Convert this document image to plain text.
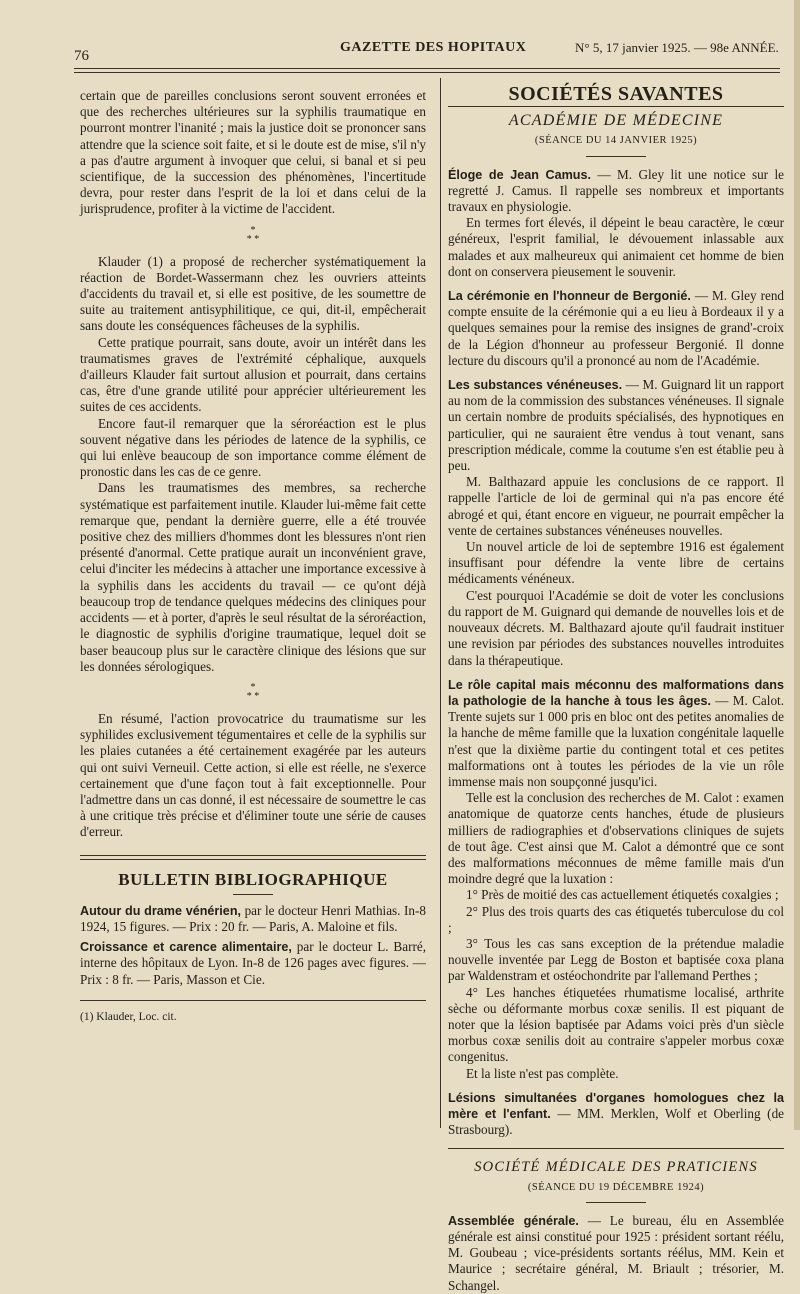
76
GAZETTE DES HOPITAUX	N° 5, 17 janvier 1925. — 98e ANNÉE.

certain que de pareilles conclusions seront souvent erronées et que des recherches ultérieures sur la syphilis traumatique en pourront montrer l'inanité ; mais la justice doit se prononcer sans attendre que la science soit faite, et si le doute est de mise, s'il n'y a pas d'autre argument à invoquer que celui, si banal et si peu scientifique, de la succession des phénomènes, l'incertitude devra, pour rester dans l'esprit de la loi et dans celui de la jurisprudence, profiter à la victime de l'accident.

*
* *

Klauder (1) a proposé de rechercher systématiquement la réaction de Bordet-Wassermann chez les ouvriers atteints d'accidents du travail et, si elle est positive, de les soumettre de suite au traitement antisyphilitique, ce qui, dit-il, empêcherait sans doute les conséquences fâcheuses de la syphilis.

Cette pratique pourrait, sans doute, avoir un intérêt dans les traumatismes graves de l'extrémité céphalique, auxquels d'ailleurs Klauder fait surtout allusion et pourrait, dans certains cas, être d'une grande utilité pour apprécier ultérieurement les suites de ces accidents.

Encore faut-il remarquer que la séroréaction est le plus souvent négative dans les périodes de latence de la syphilis, ce qui lui enlève beaucoup de son importance comme élément de pronostic dans les cas de ce genre.

Dans les traumatismes des membres, sa recherche systématique est parfaitement inutile. Klauder lui-même fait cette remarque que, pendant la dernière guerre, elle a été trouvée positive chez des milliers d'hommes dont les blessures n'ont rien présenté d'anormal. Cette pratique aurait un inconvénient grave, celui d'inciter les médecins à attacher une importance excessive à la syphilis dans les accidents du travail — ce qu'ont déjà beaucoup trop de tendance quelques médecins des cliniques pour accidents — et à porter, d'après le seul résultat de la séroréaction, le diagnostic de syphilis d'origine traumatique, lequel doit se baser beaucoup plus sur le caractère clinique des lésions que sur les données sérologiques.

*
* *

En résumé, l'action provocatrice du traumatisme sur les syphilides exclusivement tégumentaires et celle de la syphilis sur les plaies cutanées a été certainement exagérée par les auteurs qui ont suivi Verneuil. Cette action, si elle est réelle, ne s'exerce certainement que d'une façon tout à fait exceptionnelle. Pour l'admettre dans un cas donné, il est nécessaire de soumettre le cas à une critique très précise et d'éliminer toute une série de causes d'erreur.

BULLETIN BIBLIOGRAPHIQUE

Autour du drame vénérien, par le docteur Henri Mathias. In-8 1924, 15 figures. — Prix : 20 fr. — Paris, A. Maloine et fils.

Croissance et carence alimentaire, par le docteur L. Barré, interne des hôpitaux de Lyon. In-8 de 126 pages avec figures. — Prix : 8 fr. — Paris, Masson et Cie.

(1) Klauder, Loc. cit.

SOCIÉTÉS SAVANTES
ACADÉMIE DE MÉDECINE
(SÉANCE DU 14 JANVIER 1925)

Éloge de Jean Camus. — M. Gley lit une notice sur le regretté J. Camus. Il rappelle ses nombreux et importants travaux en physiologie.

En termes fort élevés, il dépeint le beau caractère, le cœur généreux, l'esprit familial, le dévouement inlassable aux malades et aux malheureux qui animaient cet homme de bien dont on conservera pieusement le souvenir.

La cérémonie en l'honneur de Bergonié. — M. Gley rend compte ensuite de la cérémonie qui a eu lieu à Bordeaux il y a quelques semaines pour la remise des insignes de grand'-croix de la Légion d'honneur au professeur Bergonié. Il donne lecture du discours qu'il a prononcé au nom de l'Académie.

Les substances vénéneuses. — M. Guignard lit un rapport au nom de la commission des substances vénéneuses. Il signale un certain nombre de produits spécialisés, des hypnotiques en particulier, qui ne sauraient être vendus à tout venant, sans prescription médicale, comme la coutume s'en est établie peu à peu.

M. Balthazard appuie les conclusions de ce rapport. Il rappelle l'article de loi de germinal qui n'a pas encore été abrogé et qui, étant encore en vigueur, ne pourrait empêcher la vente de certaines substances vénéneuses nouvelles.

Un nouvel article de loi de septembre 1916 est également insuffisant pour défendre la vente libre de certains médicaments vénéneux.

C'est pourquoi l'Académie se doit de voter les conclusions du rapport de M. Guignard qui demande de nouvelles lois et de nouveaux décrets. M. Balthazard ajoute qu'il faudrait instituer une revision par périodes des substances nouvelles introduites dans la thérapeutique.

Le rôle capital mais méconnu des malformations dans la pathologie de la hanche à tous les âges. — M. Calot. Trente sujets sur 1 000 pris en bloc ont des petites anomalies de la hanche de même famille que la luxation congénitale laquelle n'est que la dixième partie du contingent total et ces petites malformations ont à toutes les périodes de la vie un rôle immense mais non soupçonné jusqu'ici.

Telle est la conclusion des recherches de M. Calot : examen anatomique de quatorze cents hanches, étude de plusieurs milliers de radiographies et d'observations cliniques de sujets de tout âge. C'est ainsi que M. Calot a démontré que ce sont des malformations méconnues de même famille mais d'un moindre degré que la luxation :

1° Près de moitié des cas actuellement étiquetés coxalgies ;

2° Plus des trois quarts des cas étiquetés tuberculose du col ;

3° Tous les cas sans exception de la prétendue maladie nouvelle inventée par Legg de Boston et baptisée coxa plana par Waldenstram et ostéochondrite par l'allemand Perthes ;

4° Les hanches étiquetées rhumatisme localisé, arthrite sèche ou déformante morbus coxæ senilis. Il est piquant de noter que la lésion baptisée par Adams voici près d'un siècle morbus coxæ senilis doit au contraire s'appeler morbus coxæ congenitus.

Et la liste n'est pas complète.

Lésions simultanées d'organes homologues chez la mère et l'enfant. — MM. Merklen, Wolf et Oberling (de Strasbourg).

SOCIÉTÉ MÉDICALE DES PRATICIENS
(SÉANCE DU 19 DÉCEMBRE 1924)

Assemblée générale. — Le bureau, élu en Assemblée générale est ainsi constitué pour 1925 : président sortant réélu, M. Goubeau ; vice-présidents sortants réélus, MM. Kein et Maurice ; secrétaire général, M. Briault ; trésorier, M. Schangel.
